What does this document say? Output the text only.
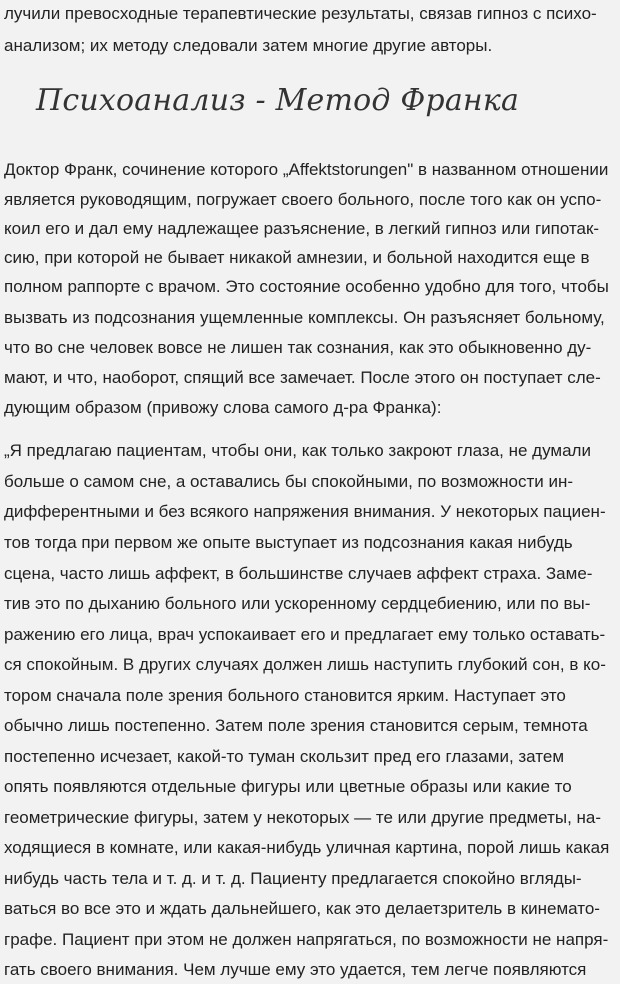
лучили превосходные терапевтические результаты, связав гипноз с психо-
анализом; их методу следовали затем многие другие авторы.
Психоанализ - Метод Франка
Доктор Франк, сочинение которого „Affektstorungen" в названном отношении
является руководящим, погружает своего больного, после того как он успо-
коил его и дал ему надлежащее разъяснение, в легкий гипноз или гипотак-
сию, при которой не бывает никакой амнезии, и больной находится еще в
полном раппорте с врачом. Это состояние особенно удобно для того, чтобы
вызвать из подсознания ущемленные комплексы. Он разъясняет больному,
что во сне человек вовсе не лишен так сознания, как это обыкновенно ду-
мают, и что, наоборот, спящий все замечает. После этого он поступает сле-
дующим образом (привожу слова самого д-ра Франка):
„Я предлагаю пациентам, чтобы они, как только закроют глаза, не думали
больше о самом сне, а оставались бы спокойными, по возможности ин-
дифферентными и без всякого напряжения внимания. У некоторых пациен-
тов тогда при первом же опыте выступает из подсознания какая нибудь
сцена, часто лишь аффект, в большинстве случаев аффект страха. Заме-
тив это по дыханию больного или ускоренному сердцебиению, или по вы-
ражению его лица, врач успокаивает его и предлагает ему только оставать-
ся спокойным. В других случаях должен лишь наступить глубокий сон, в ко-
тором сначала поле зрения больного становится ярким. Наступает это
обычно лишь постепенно. Затем поле зрения становится серым, темнота
постепенно исчезает, какой-то туман скользит пред его глазами, затем
опять появляются отдельные фигуры или цветные образы или какие то
геометрические фигуры, затем у некоторых — те или другие предметы, на-
ходящиеся в комнате, или какая-нибудь уличная картина, порой лишь какая
нибудь часть тела и т. д. и т. д. Пациенту предлагается спокойно вгляды-
ваться во все это и ждать дальнейшего, как это делаетзритель в кинемато-
графе. Пациент при этом не должен напрягаться, по возможности не напря-
гать своего внимания. Чем лучше ему это удается, тем легче появляются
